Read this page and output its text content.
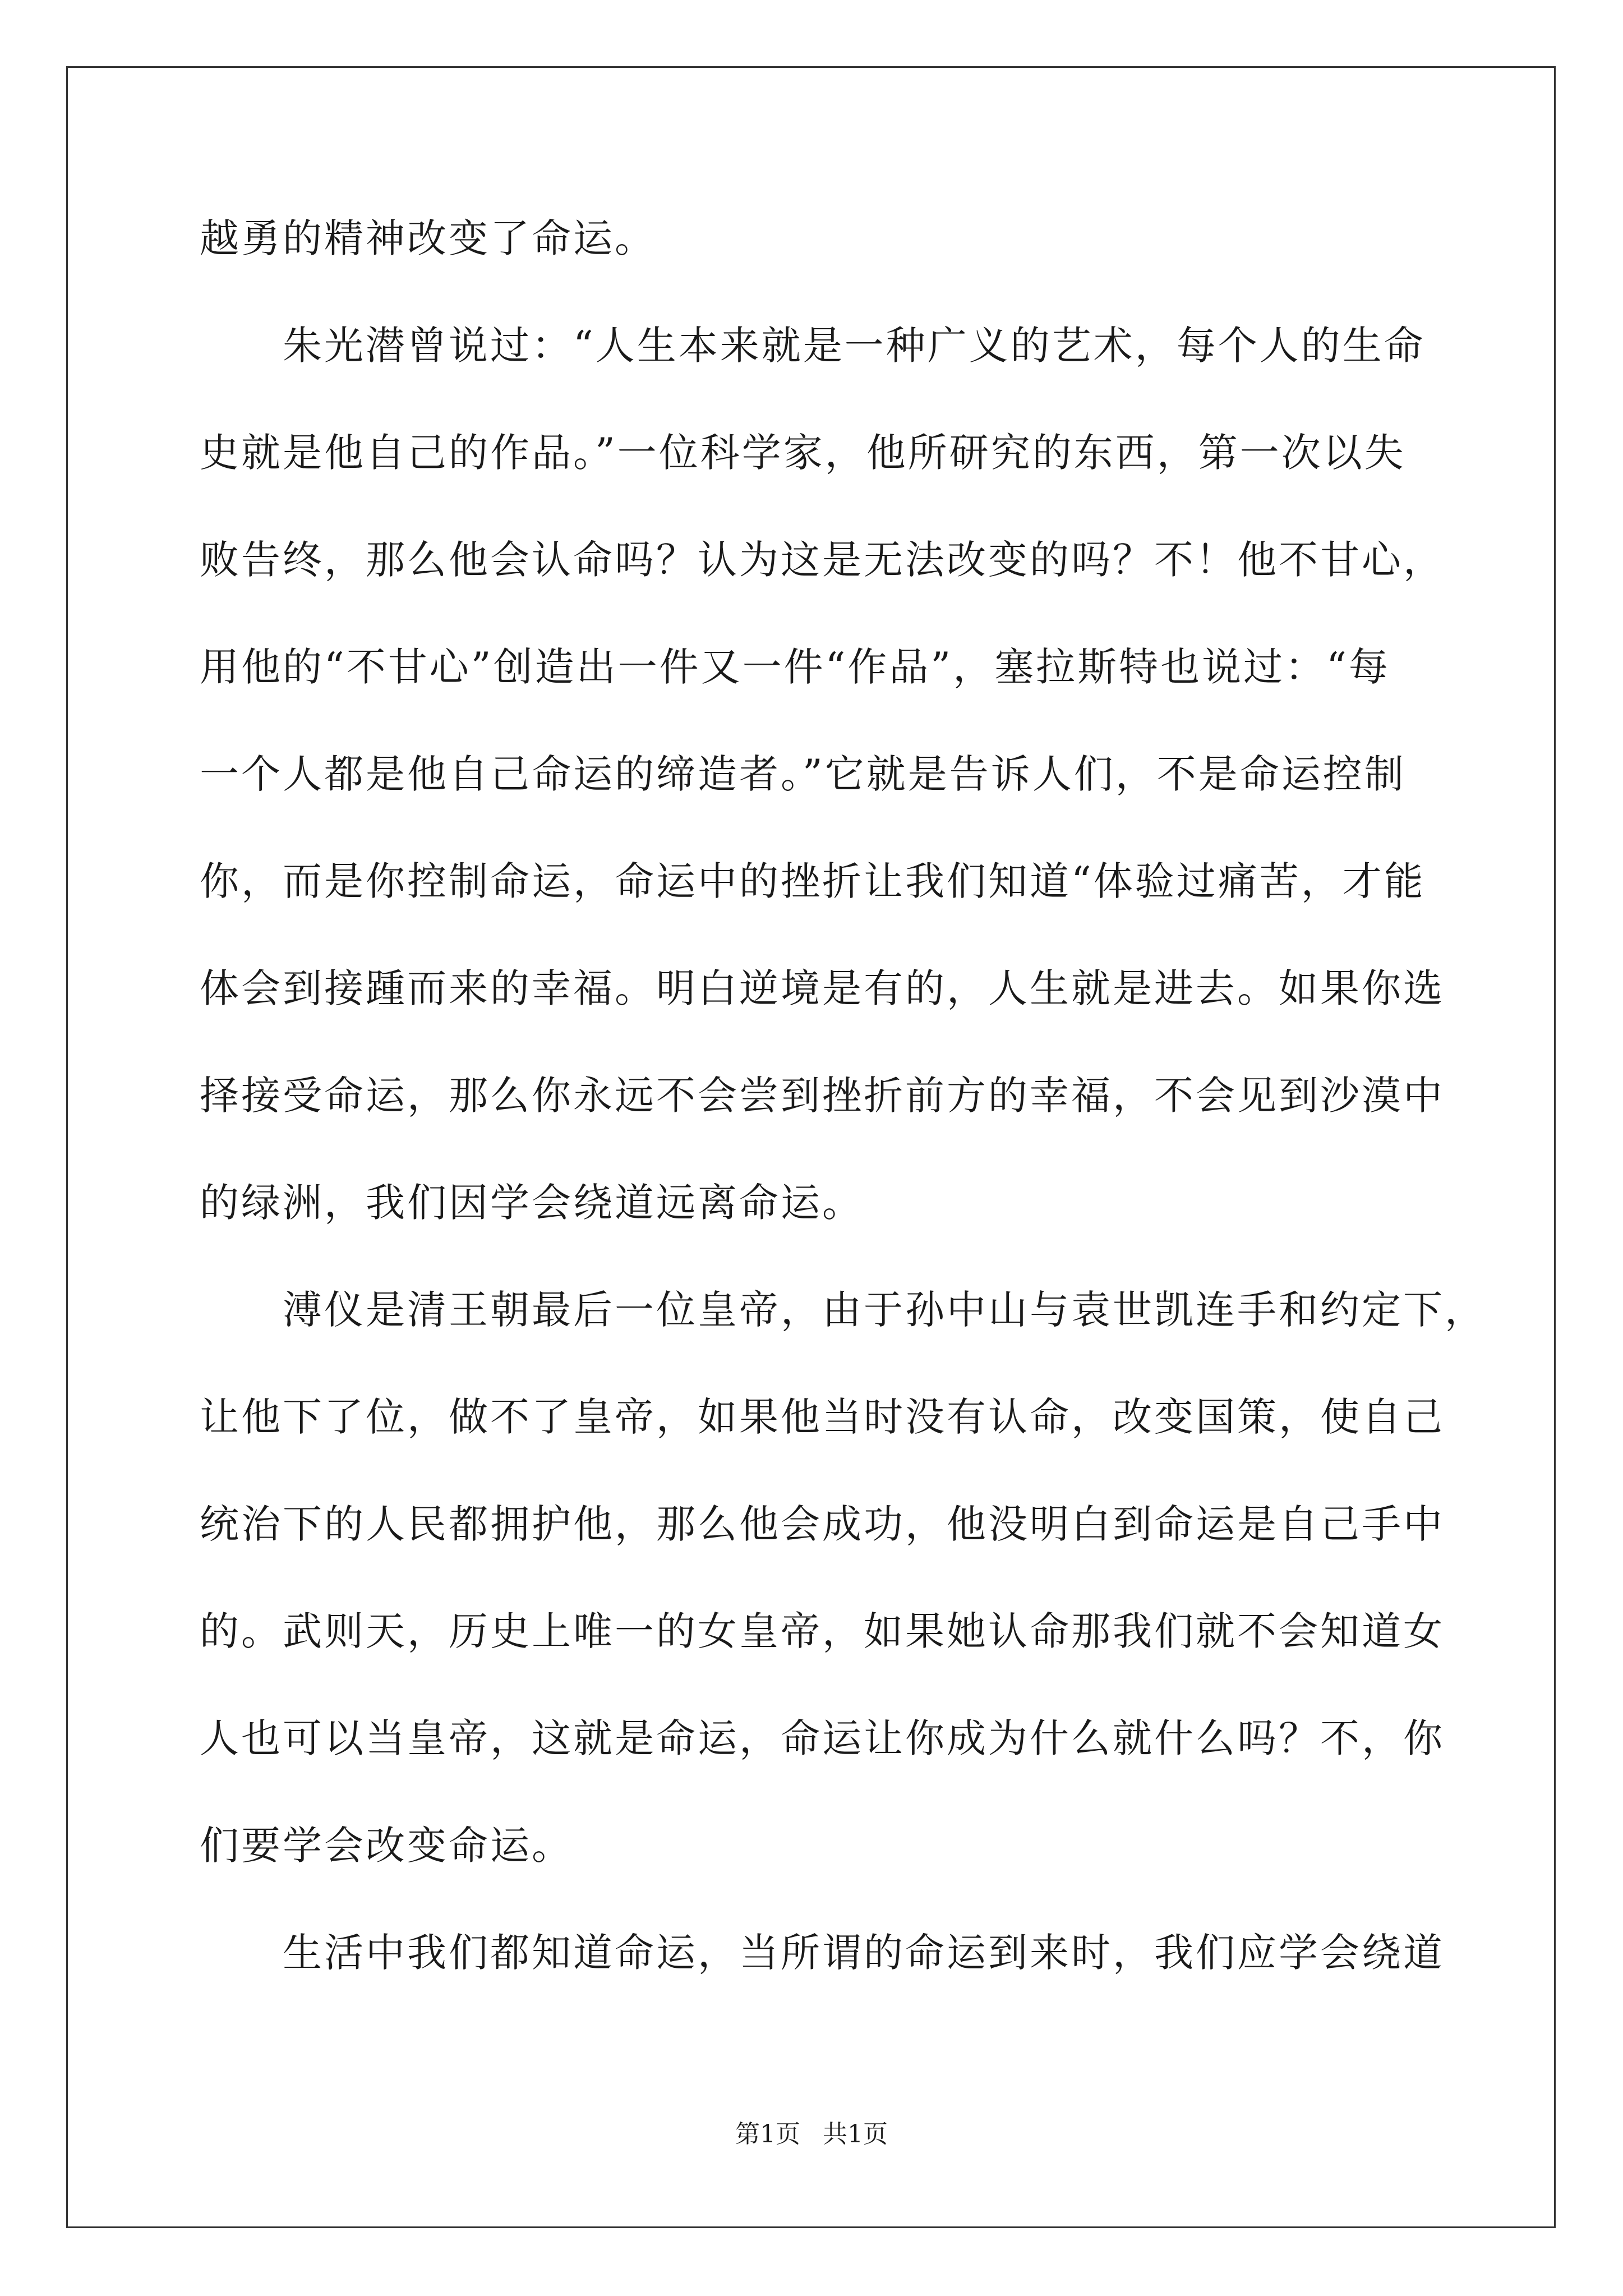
越勇的精神改变了命运。
朱光潜曾说过：“人生本来就是一种广义的艺术，每个人的生命
史就是他自己的作品。”一位科学家，他所研究的东西，第一次以失
败告终，那么他会认命吗？认为这是无法改变的吗？不！他不甘心，
用他的“不甘心”创造出一件又一件“作品”，塞拉斯特也说过：“每
一个人都是他自己命运的缔造者。”它就是告诉人们，不是命运控制
你，而是你控制命运，命运中的挫折让我们知道“体验过痛苦，才能
体会到接踵而来的幸福。明白逆境是有的，人生就是进去。如果你选
择接受命运，那么你永远不会尝到挫折前方的幸福，不会见到沙漠中
的绿洲，我们因学会绕道远离命运。
溥仪是清王朝最后一位皇帝，由于孙中山与袁世凯连手和约定下，
让他下了位，做不了皇帝，如果他当时没有认命，改变国策，使自己
统治下的人民都拥护他，那么他会成功，他没明白到命运是自己手中
的。武则天，历史上唯一的女皇帝，如果她认命那我们就不会知道女
人也可以当皇帝，这就是命运，命运让你成为什么就什么吗？不，你
们要学会改变命运。
生活中我们都知道命运，当所谓的命运到来时，我们应学会绕道
第1页 共1页
